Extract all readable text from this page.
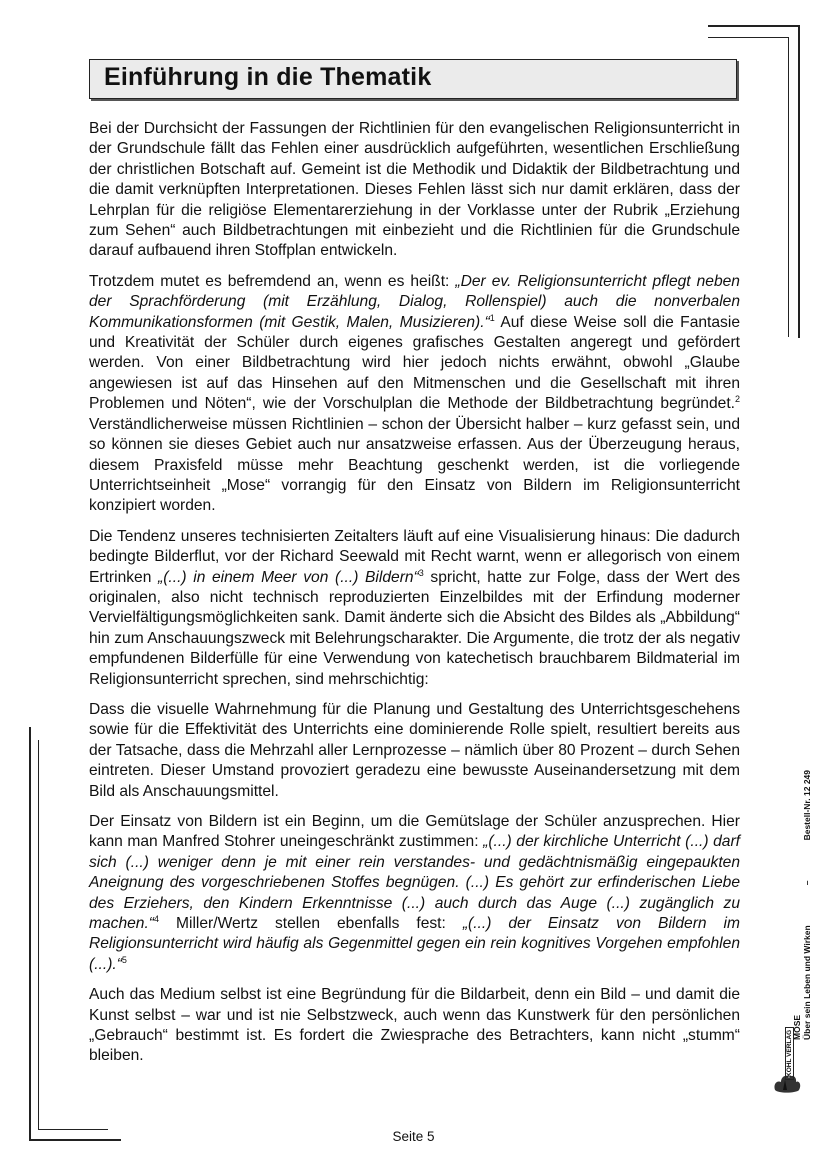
Einführung in die Thematik

Bei der Durchsicht der Fassungen der Richtlinien für den evangelischen Religionsunterricht in der Grundschule fällt das Fehlen einer ausdrücklich aufgeführten, wesentlichen Erschließung der christlichen Botschaft auf. Gemeint ist die Methodik und Didaktik der Bildbetrachtung und die damit verknüpften Interpretationen. Dieses Fehlen lässt sich nur damit erklären, dass der Lehrplan für die religiöse Elementarerziehung in der Vorklasse unter der Rubrik „Erziehung zum Sehen“ auch Bildbetrachtungen mit einbezieht und die Richtlinien für die Grundschule darauf aufbauend ihren Stoffplan entwickeln.

Trotzdem mutet es befremdend an, wenn es heißt: „Der ev. Religionsunterricht pflegt neben der Sprachförderung (mit Erzählung, Dialog, Rollenspiel) auch die nonverbalen Kommunikationsformen (mit Gestik, Malen, Musizieren).“$^1$ Auf diese Weise soll die Fantasie und Kreativität der Schüler durch eigenes grafisches Gestalten angeregt und gefördert werden. Von einer Bildbetrachtung wird hier jedoch nichts erwähnt, obwohl „Glaube angewiesen ist auf das Hinsehen auf den Mitmenschen und die Gesellschaft mit ihren Problemen und Nöten“, wie der Vorschulplan die Methode der Bildbetrachtung begründet.$^2$ Verständlicherweise müssen Richtlinien – schon der Übersicht halber – kurz gefasst sein, und so können sie dieses Gebiet auch nur ansatzweise erfassen. Aus der Überzeugung heraus, diesem Praxisfeld müsse mehr Beachtung geschenkt werden, ist die vorliegende Unterrichtseinheit „Mose“ vorrangig für den Einsatz von Bildern im Religionsunterricht konzipiert worden.

Die Tendenz unseres technisierten Zeitalters läuft auf eine Visualisierung hinaus: Die dadurch bedingte Bilderflut, vor der Richard Seewald mit Recht warnt, wenn er allegorisch von einem Ertrinken „(...) in einem Meer von (...) Bildern“$^3$ spricht, hatte zur Folge, dass der Wert des originalen, also nicht technisch reproduzierten Einzelbildes mit der Erfindung moderner Vervielfältigungsmöglichkeiten sank. Damit änderte sich die Absicht des Bildes als „Abbildung“ hin zum Anschauungszweck mit Belehrungscharakter. Die Argumente, die trotz der als negativ empfundenen Bilderfülle für eine Verwendung von katechetisch brauchbarem Bildmaterial im Religionsunterricht sprechen, sind mehrschichtig:

Dass die visuelle Wahrnehmung für die Planung und Gestaltung des Unterrichtsgeschehens sowie für die Effektivität des Unterrichts eine dominierende Rolle spielt, resultiert bereits aus der Tatsache, dass die Mehrzahl aller Lernprozesse – nämlich über 80 Prozent – durch Sehen eintreten. Dieser Umstand provoziert geradezu eine bewusste Auseinandersetzung mit dem Bild als Anschauungsmittel.

Der Einsatz von Bildern ist ein Beginn, um die Gemütslage der Schüler anzusprechen. Hier kann man Manfred Stohrer uneingeschränkt zustimmen: „(...) der kirchliche Unterricht (...) darf sich (...) weniger denn je mit einer rein verstandes- und gedächtnismäßig eingepaukten Aneignung des vorgeschriebenen Stoffes begnügen. (...) Es gehört zur erfinderischen Liebe des Erziehers, den Kindern Erkenntnisse (...) auch durch das Auge (...) zugänglich zu machen.“$^4$ Miller/Wertz stellen ebenfalls fest: „(...) der Einsatz von Bildern im Religionsunterricht wird häufig als Gegenmittel gegen ein rein kognitives Vorgehen empfohlen (...).“$^5$

Auch das Medium selbst ist eine Begründung für die Bildarbeit, denn ein Bild – und damit die Kunst selbst – war und ist nie Selbstzweck, auch wenn das Kunstwerk für den persönlichen „Gebrauch“ bestimmt ist. Es fordert die Zwiesprache des Betrachters, kann nicht „stumm“ bleiben.

Seite 5
MOSE Über sein Leben und Wirken
–
Bestell-Nr. 12 249
KOHL VERLAG
